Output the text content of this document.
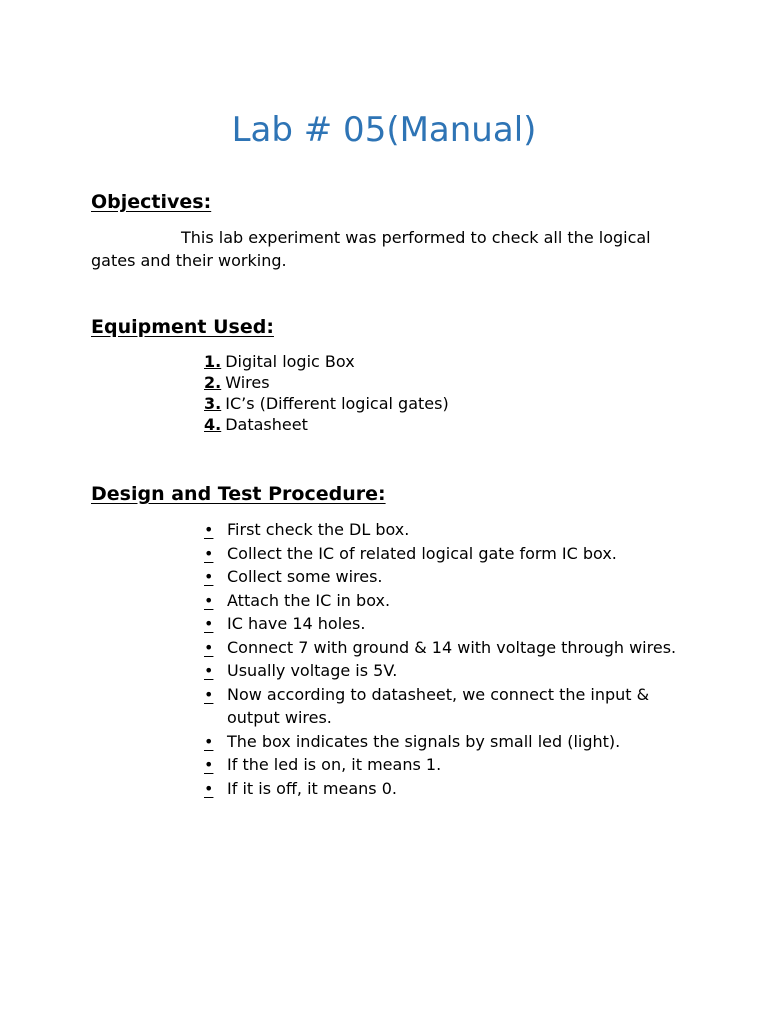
Lab # 05(Manual)
Objectives:
This lab experiment was performed to check all the logical gates and their working.
Equipment Used:
1. Digital logic Box
2. Wires
3. IC’s (Different logical gates)
4. Datasheet
Design and Test Procedure:
• First check the DL box.
• Collect the IC of related logical gate form IC box.
• Collect some wires.
• Attach the IC in box.
• IC have 14 holes.
• Connect 7 with ground & 14 with voltage through wires.
• Usually voltage is 5V.
• Now according to datasheet, we connect the input & output wires.
• The box indicates the signals by small led (light).
• If the led is on, it means 1.
• If it is off, it means 0.
